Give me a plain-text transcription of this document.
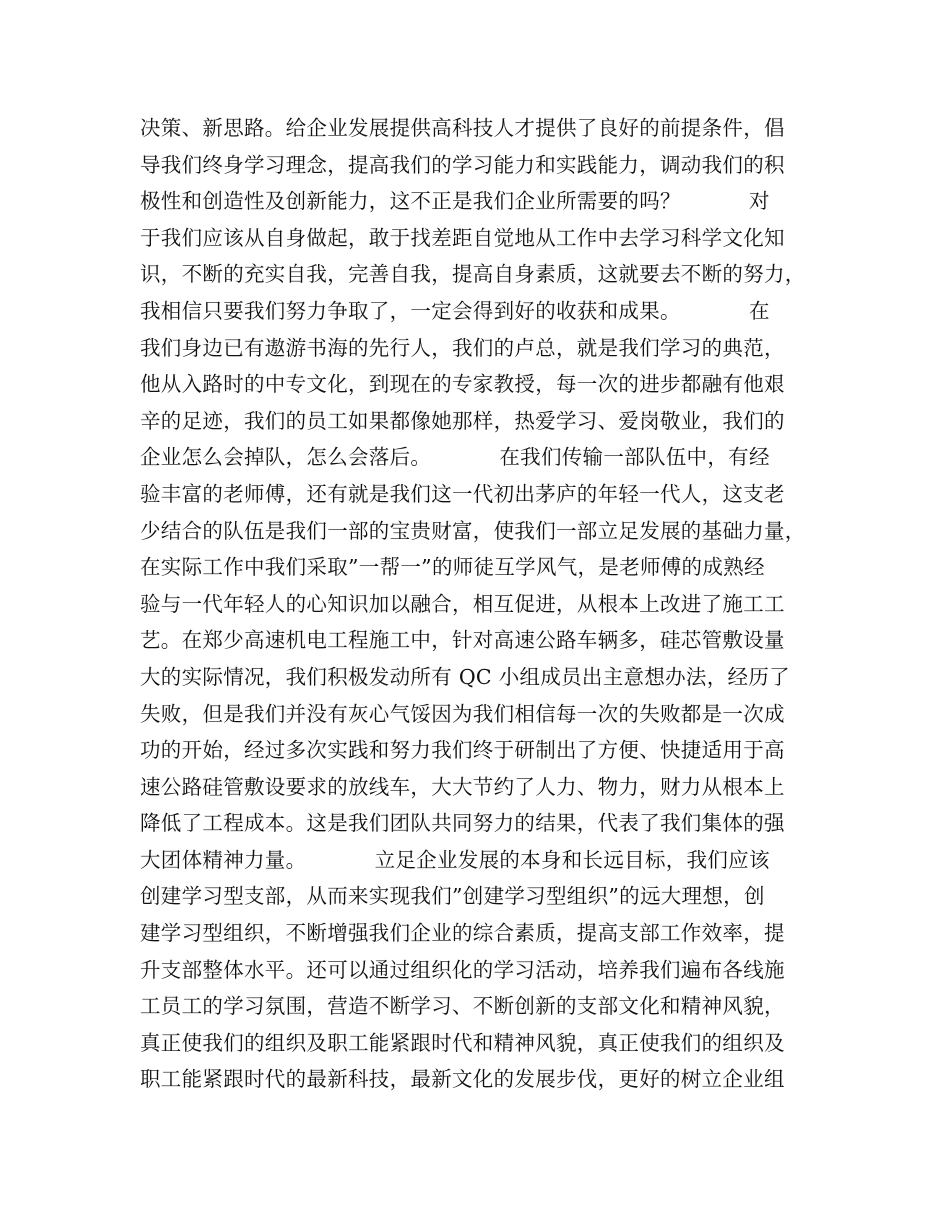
决策、新思路。给企业发展提供高科技人才提供了良好的前提条件，倡
导我们终身学习理念，提高我们的学习能力和实践能力，调动我们的积
极性和创造性及创新能力，这不正是我们企业所需要的吗？          对
于我们应该从自身做起，敢于找差距自觉地从工作中去学习科学文化知
识，不断的充实自我，完善自我，提高自身素质，这就要去不断的努力，
我相信只要我们努力争取了，一定会得到好的收获和成果。          在
我们身边已有遨游书海的先行人，我们的卢总，就是我们学习的典范，
他从入路时的中专文化，到现在的专家教授，每一次的进步都融有他艰
辛的足迹，我们的员工如果都像她那样，热爱学习、爱岗敬业，我们的
企业怎么会掉队，怎么会落后。          在我们传输一部队伍中，有经
验丰富的老师傅，还有就是我们这一代初出茅庐的年轻一代人，这支老
少结合的队伍是我们一部的宝贵财富，使我们一部立足发展的基础力量，
在实际工作中我们采取”一帮一”的师徒互学风气，是老师傅的成熟经
验与一代年轻人的心知识加以融合，相互促进，从根本上改进了施工工
艺。在郑少高速机电工程施工中，针对高速公路车辆多，硅芯管敷设量
大的实际情况，我们积极发动所有 QC 小组成员出主意想办法，经历了
失败，但是我们并没有灰心气馁因为我们相信每一次的失败都是一次成
功的开始，经过多次实践和努力我们终于研制出了方便、快捷适用于高
速公路硅管敷设要求的放线车，大大节约了人力、物力，财力从根本上
降低了工程成本。这是我们团队共同努力的结果，代表了我们集体的强
大团体精神力量。          立足企业发展的本身和长远目标，我们应该
创建学习型支部，从而来实现我们”创建学习型组织”的远大理想，创
建学习型组织，不断增强我们企业的综合素质，提高支部工作效率，提
升支部整体水平。还可以通过组织化的学习活动，培养我们遍布各线施
工员工的学习氛围，营造不断学习、不断创新的支部文化和精神风貌，
真正使我们的组织及职工能紧跟时代和精神风貌，真正使我们的组织及
职工能紧跟时代的最新科技，最新文化的发展步伐，更好的树立企业组
